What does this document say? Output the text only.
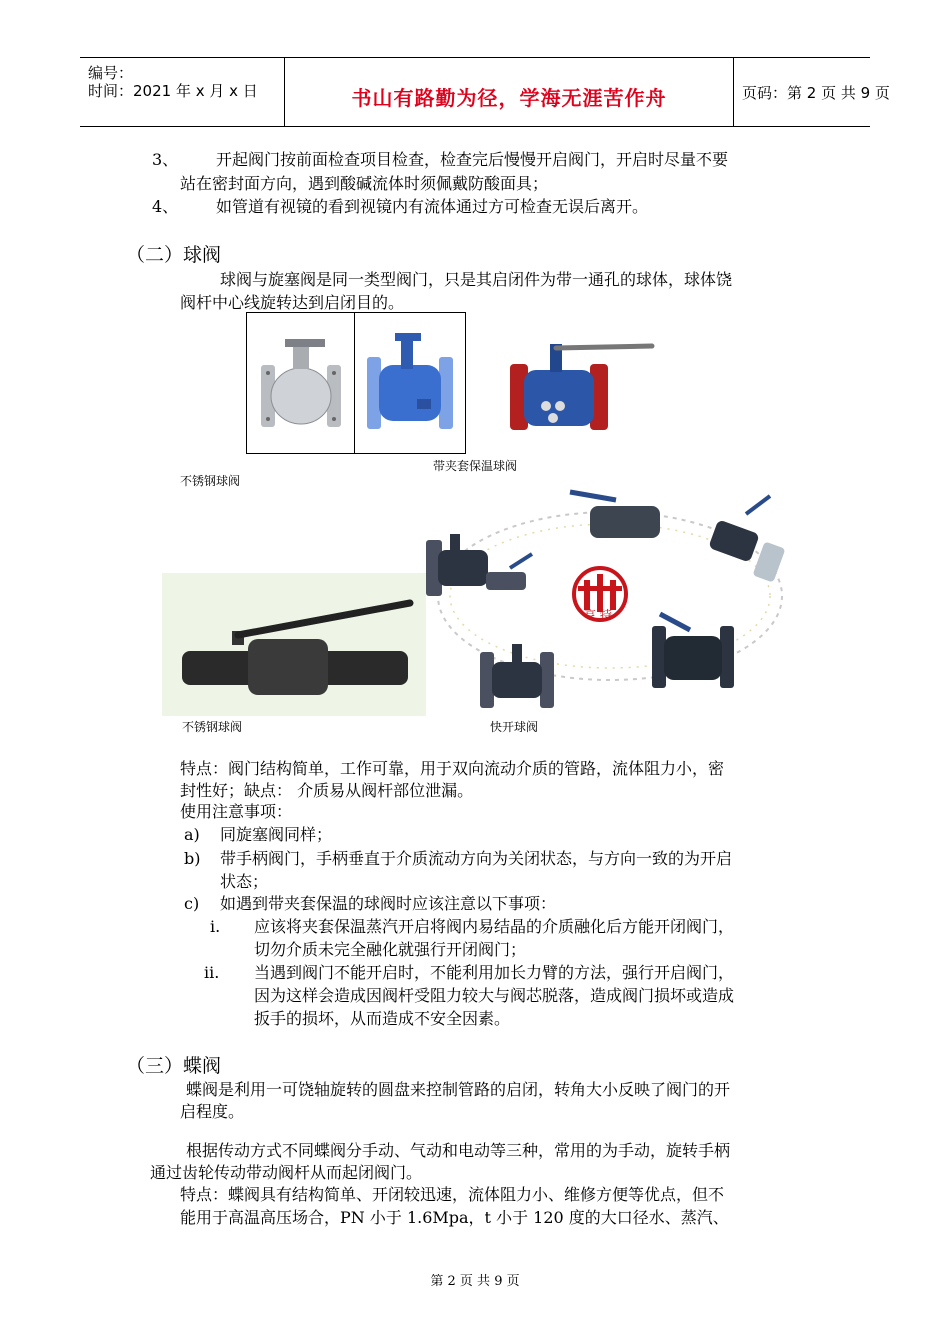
编号：
时间：2021 年 x 月 x 日	书山有路勤为径，学海无涯苦作舟	页码：第 2 页 共 9 页
3、 开起阀门按前面检查项目检查，检查完后慢慢开启阀门，开启时尽量不要
站在密封面方向，遇到酸碱流体时须佩戴防酸面具；
4、 如管道有视镜的看到视镜内有流体通过方可检查无误后离开。
（二）球阀
球阀与旋塞阀是同一类型阀门，只是其启闭件为带一通孔的球体，球体饶
阀杆中心线旋转达到启闭目的。
带夹套保温球阀
不锈钢球阀
亨 特
不锈钢球阀	快开球阀
特点：阀门结构简单，工作可靠，用于双向流动介质的管路，流体阻力小，密
封性好；缺点： 介质易从阀杆部位泄漏。
使用注意事项：
a) 同旋塞阀同样；
b) 带手柄阀门，手柄垂直于介质流动方向为关闭状态，与方向一致的为开启
状态；
c) 如遇到带夹套保温的球阀时应该注意以下事项：
i. 应该将夹套保温蒸汽开启将阀内易结晶的介质融化后方能开闭阀门，
切勿介质未完全融化就强行开闭阀门；
ii. 当遇到阀门不能开启时，不能利用加长力臂的方法，强行开启阀门，
因为这样会造成因阀杆受阻力较大与阀芯脱落，造成阀门损坏或造成
扳手的损坏，从而造成不安全因素。
（三）蝶阀
蝶阀是利用一可饶轴旋转的圆盘来控制管路的启闭，转角大小反映了阀门的开
启程度。
根据传动方式不同蝶阀分手动、气动和电动等三种，常用的为手动，旋转手柄
通过齿轮传动带动阀杆从而起闭阀门。
特点：蝶阀具有结构简单、开闭较迅速，流体阻力小、维修方便等优点，但不
能用于高温高压场合，PN 小于 1.6Mpa，t 小于 120 度的大口径水、蒸汽、
第 2 页 共 9 页
